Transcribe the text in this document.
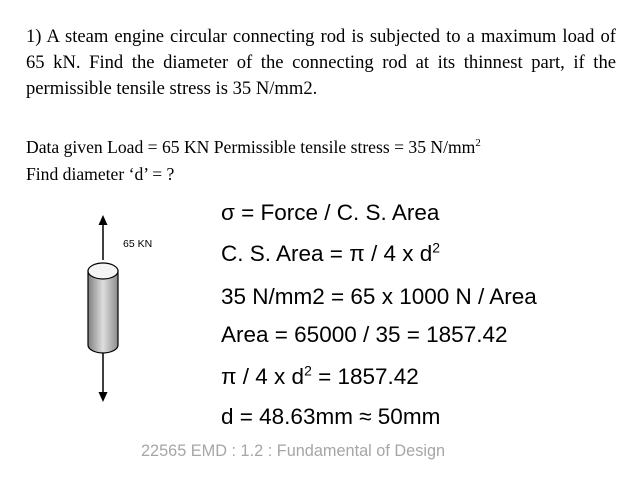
1) A steam engine circular connecting rod is subjected to a maximum load of 65 kN. Find the diameter of the connecting rod at its thinnest part, if the permissible tensile stress is 35 N/mm2.

Data given Load = 65 KN Permissible tensile stress = 35 $N/mm^2$
Find diameter ‘d’ = ?
65 KN
σ = Force / C. S. Area
C. S. Area = π / 4 x $d^2$
35 N/mm2 = 65 x 1000 N / Area
Area = 65000 / 35 = 1857.42
π / 4 x $d^2 = 1857.42$
d = 48.63mm ≈ 50mm
22565 EMD : 1.2 : Fundamental of Design
